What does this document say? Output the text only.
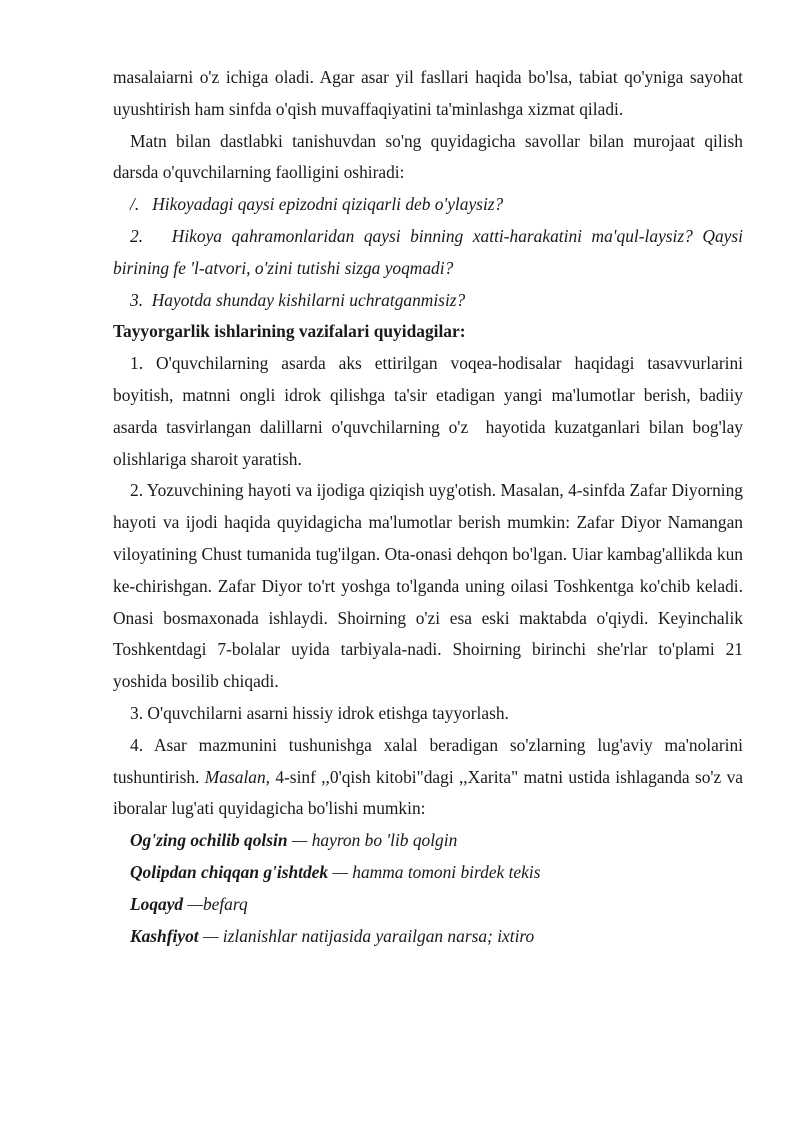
masalaiarni o'z ichiga oladi. Agar asar yil fasllari haqida bo'lsa, tabiat qo'yniga sayohat uyushtirish ham sinfda o'qish muvaffaqiyatini ta'minlashga xizmat qiladi.

Matn bilan dastlabki tanishuvdan so'ng quyidagicha savollar bilan murojaat qilish darsda o'quvchilarning faolligini oshiradi:

/.   Hikoyadagi qaysi epizodni qiziqarli deb o'ylaysiz?

2.   Hikoya qahramonlaridan qaysi binning xatti-harakatini ma'qul-laysiz? Qaysi birining fe 'l-atvori, o'zini tutishi sizga yoqmadi?

3.  Hayotda shunday kishilarni uchratganmisiz?

Tayyorgarlik ishlarining vazifalari quyidagilar:

1. O'quvchilarning asarda aks ettirilgan voqea-hodisalar haqidagi tasavvurlarini boyitish, matnni ongli idrok qilishga ta'sir etadigan yangi ma'lumotlar berish, badiiy asarda tasvirlangan dalillarni o'quvchilarning o'z  hayotida kuzatganlari bilan bog'lay olishlariga sharoit yaratish.

2. Yozuvchining hayoti va ijodiga qiziqish uyg'otish. Masalan, 4-sinfda Zafar Diyorning hayoti va ijodi haqida quyidagicha ma'lumotlar berish mumkin: Zafar Diyor Namangan viloyatining Chust tumanida tug'ilgan. Ota-onasi dehqon bo'lgan. Uiar kambag'allikda kun ke-chirishgan. Zafar Diyor to'rt yoshga to'lganda uning oilasi Toshkentga ko'chib keladi. Onasi bosmaxonada ishlaydi. Shoirning o'zi esa eski maktabda o'qiydi. Keyinchalik Toshkentdagi 7-bolalar uyida tarbiyala-nadi. Shoirning birinchi she'rlar to'plami 21 yoshida bosilib chiqadi.

3. O'quvchilarni asarni hissiy idrok etishga tayyorlash.

4. Asar mazmunini tushunishga xalal beradigan so'zlarning lug'aviy ma'nolarini tushuntirish. Masalan, 4-sinf ,,0'qish kitobi"dagi ,,Xarita" matni ustida ishlaganda so'z va iboralar lug'ati quyidagicha bo'lishi mumkin:

Og'zing ochilib qolsin — hayron bo 'lib qolgin

Qolipdan chiqqan g'ishtdek — hamma tomoni birdek tekis

Loqayd —befarq

Kashfiyot — izlanishlar natijasida yarailgan narsa; ixtiro
